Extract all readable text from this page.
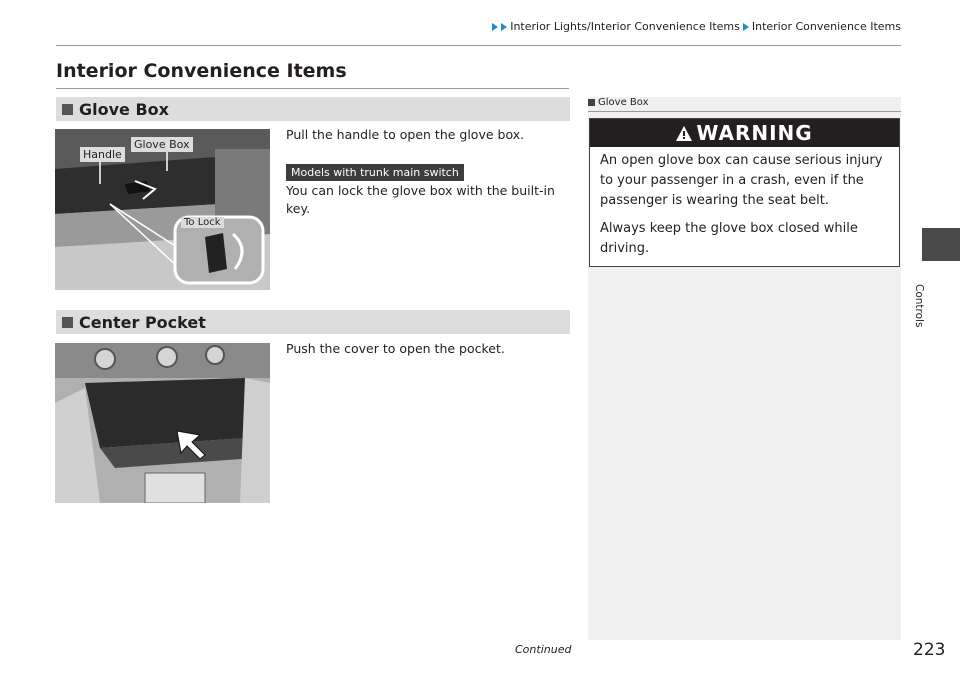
Interior Lights/Interior Convenience Items Interior Convenience Items
Interior Convenience Items
Glove Box
Handle
Glove Box
To Lock
Pull the handle to open the glove box.
Models with trunk main switch
You can lock the glove box with the built-in key.
Center Pocket
Push the cover to open the pocket.
Glove Box
WARNING

An open glove box can cause serious injury to your passenger in a crash, even if the passenger is wearing the seat belt.

Always keep the glove box closed while driving.

Controls
Continued	223
